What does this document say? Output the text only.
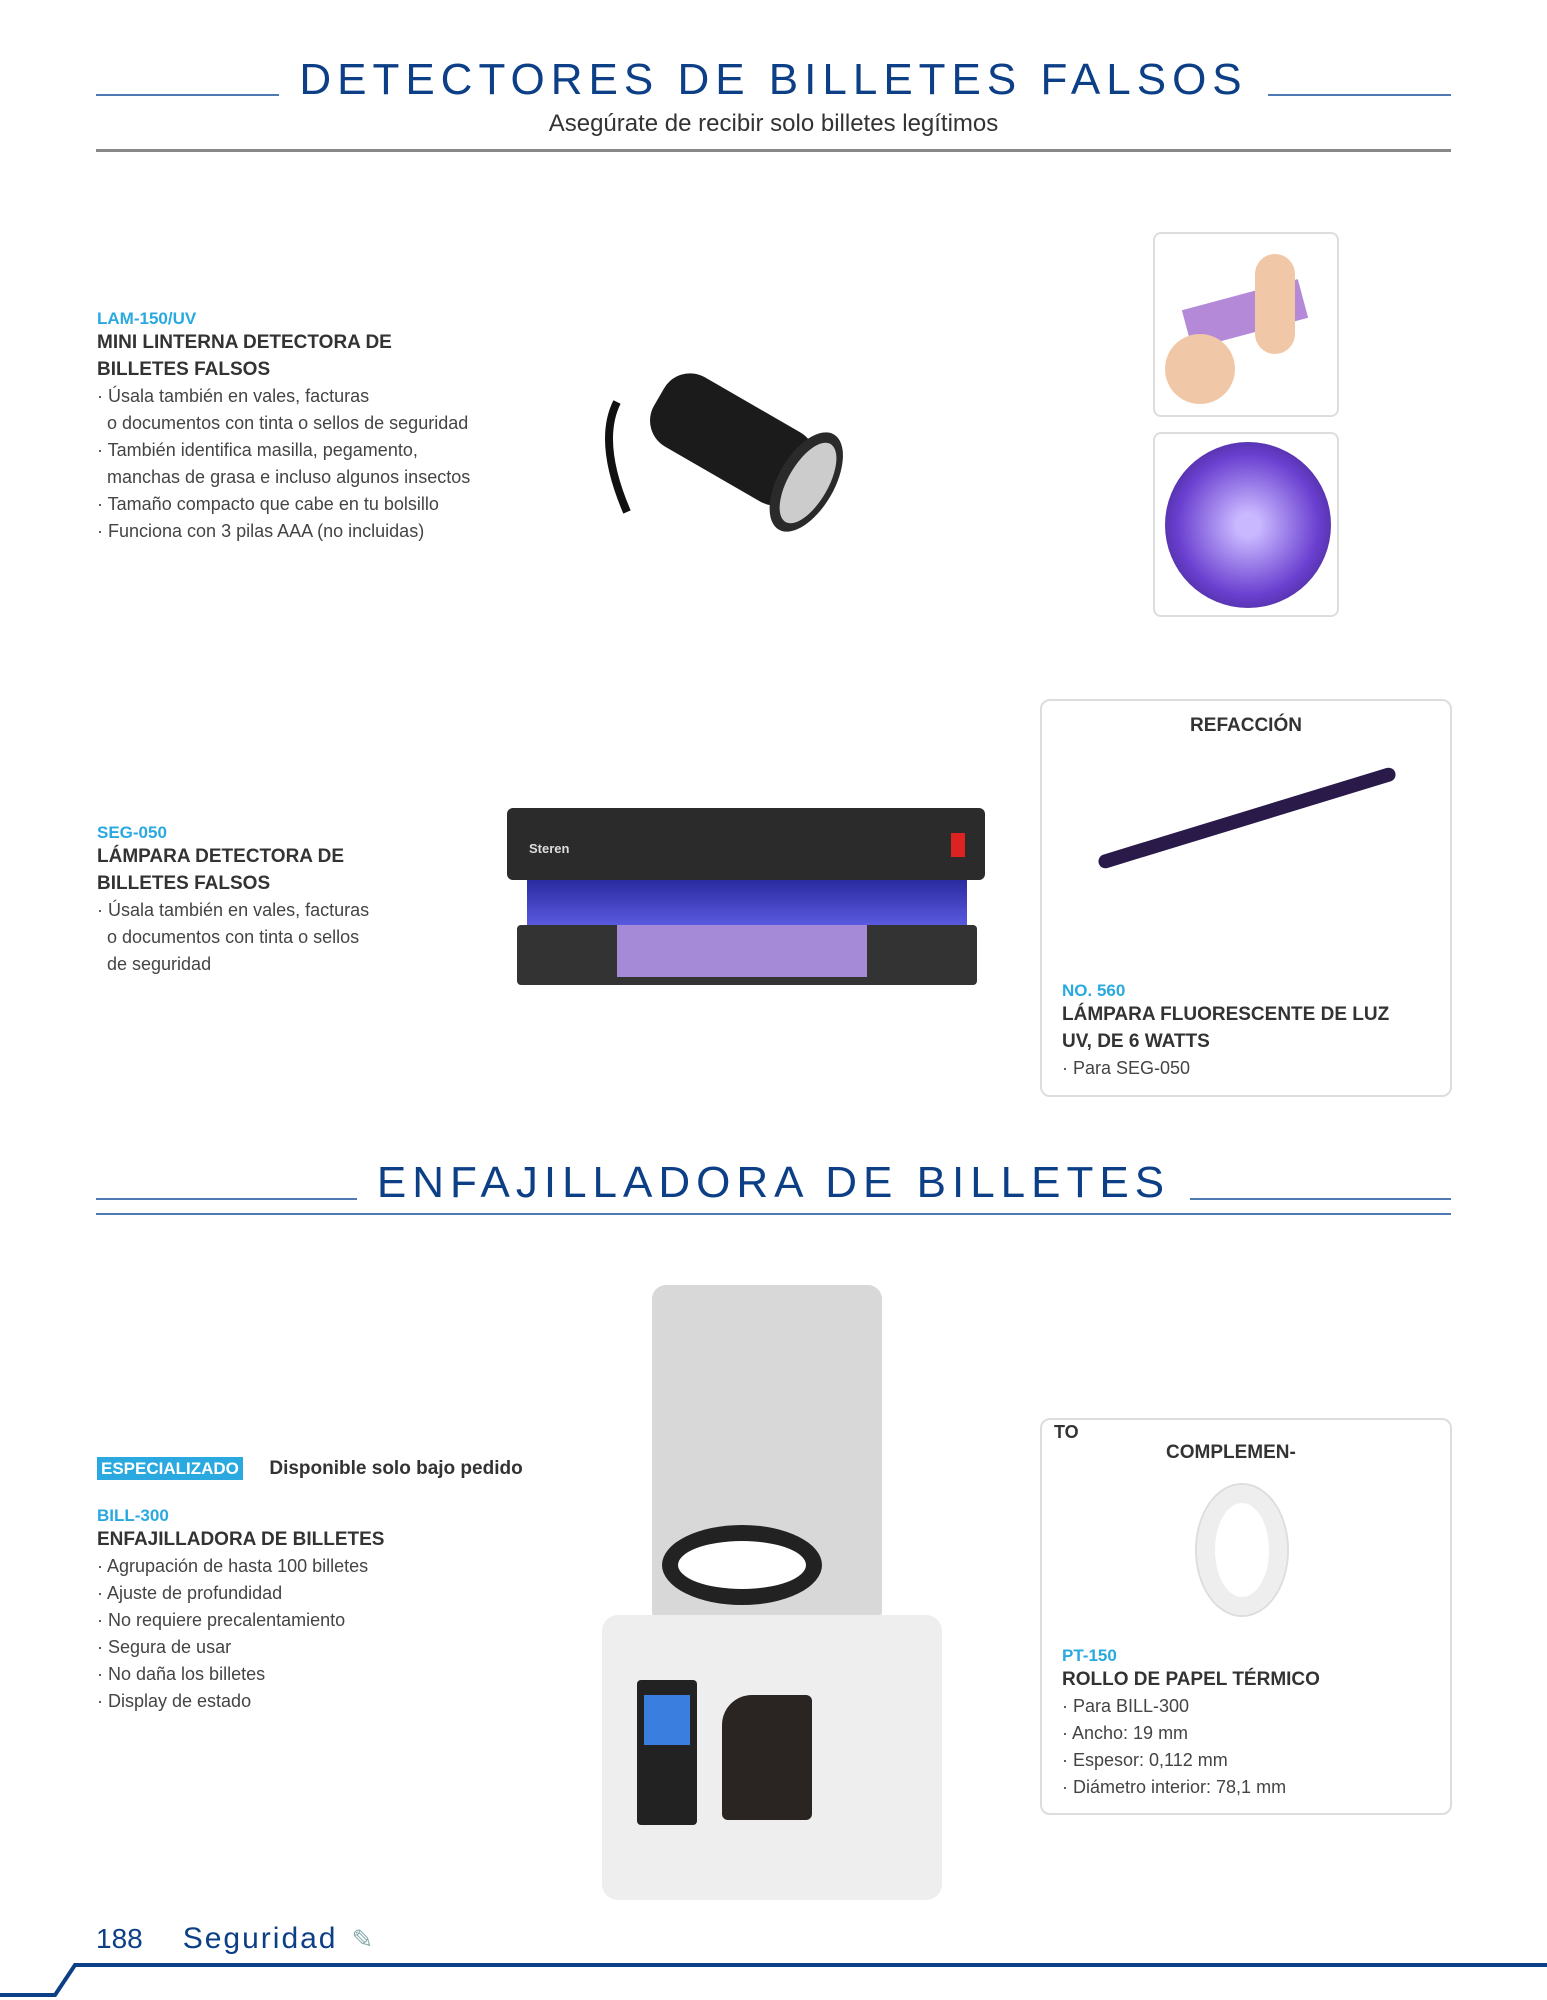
DETECTORES DE BILLETES FALSOS
Asegúrate de recibir solo billetes legítimos
LAM-150/UV
MINI LINTERNA DETECTORA DE
BILLETES FALSOS
· Úsala también en vales, facturas
o documentos con tinta o sellos de seguridad
· También identifica masilla, pegamento,
manchas de grasa e incluso algunos insectos
· Tamaño compacto que cabe en tu bolsillo
· Funciona con 3 pilas AAA (no incluidas)
SEG-050
LÁMPARA DETECTORA DE
BILLETES FALSOS
· Úsala también en vales, facturas
o documentos con tinta o sellos
de seguridad
Steren
REFACCIÓN
NO. 560
LÁMPARA FLUORESCENTE DE LUZ
UV, DE 6 WATTS
· Para SEG-050
ENFAJILLADORA DE BILLETES
ESPECIALIZADO Disponible solo bajo pedido
BILL-300
ENFAJILLADORA DE BILLETES
· Agrupación de hasta 100 billetes
· Ajuste de profundidad
· No requiere precalentamiento
· Segura de usar
· No daña los billetes
· Display de estado
TO
COMPLEMEN-
PT-150
ROLLO DE PAPEL TÉRMICO
· Para BILL-300
· Ancho: 19 mm
· Espesor: 0,112 mm
· Diámetro interior: 78,1 mm
188 Seguridad ✎
